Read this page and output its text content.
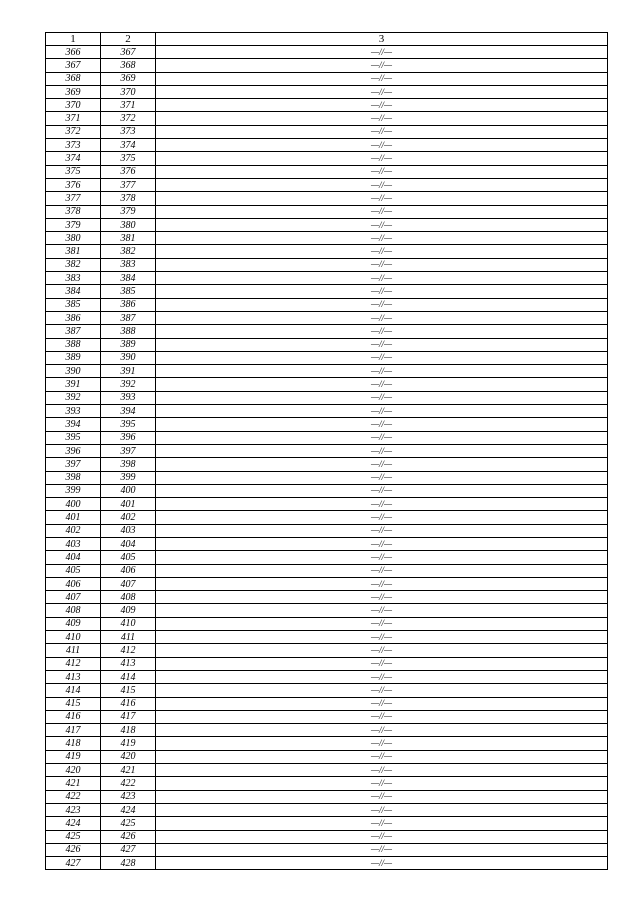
1	2	3
366	367	—//—
367	368	—//—
368	369	—//—
369	370	—//—
370	371	—//—
371	372	—//—
372	373	—//—
373	374	—//—
374	375	—//—
375	376	—//—
376	377	—//—
377	378	—//—
378	379	—//—
379	380	—//—
380	381	—//—
381	382	—//—
382	383	—//—
383	384	—//—
384	385	—//—
385	386	—//—
386	387	—//—
387	388	—//—
388	389	—//—
389	390	—//—
390	391	—//—
391	392	—//—
392	393	—//—
393	394	—//—
394	395	—//—
395	396	—//—
396	397	—//—
397	398	—//—
398	399	—//—
399	400	—//—
400	401	—//—
401	402	—//—
402	403	—//—
403	404	—//—
404	405	—//—
405	406	—//—
406	407	—//—
407	408	—//—
408	409	—//—
409	410	—//—
410	411	—//—
411	412	—//—
412	413	—//—
413	414	—//—
414	415	—//—
415	416	—//—
416	417	—//—
417	418	—//—
418	419	—//—
419	420	—//—
420	421	—//—
421	422	—//—
422	423	—//—
423	424	—//—
424	425	—//—
425	426	—//—
426	427	—//—
427	428	—//—
